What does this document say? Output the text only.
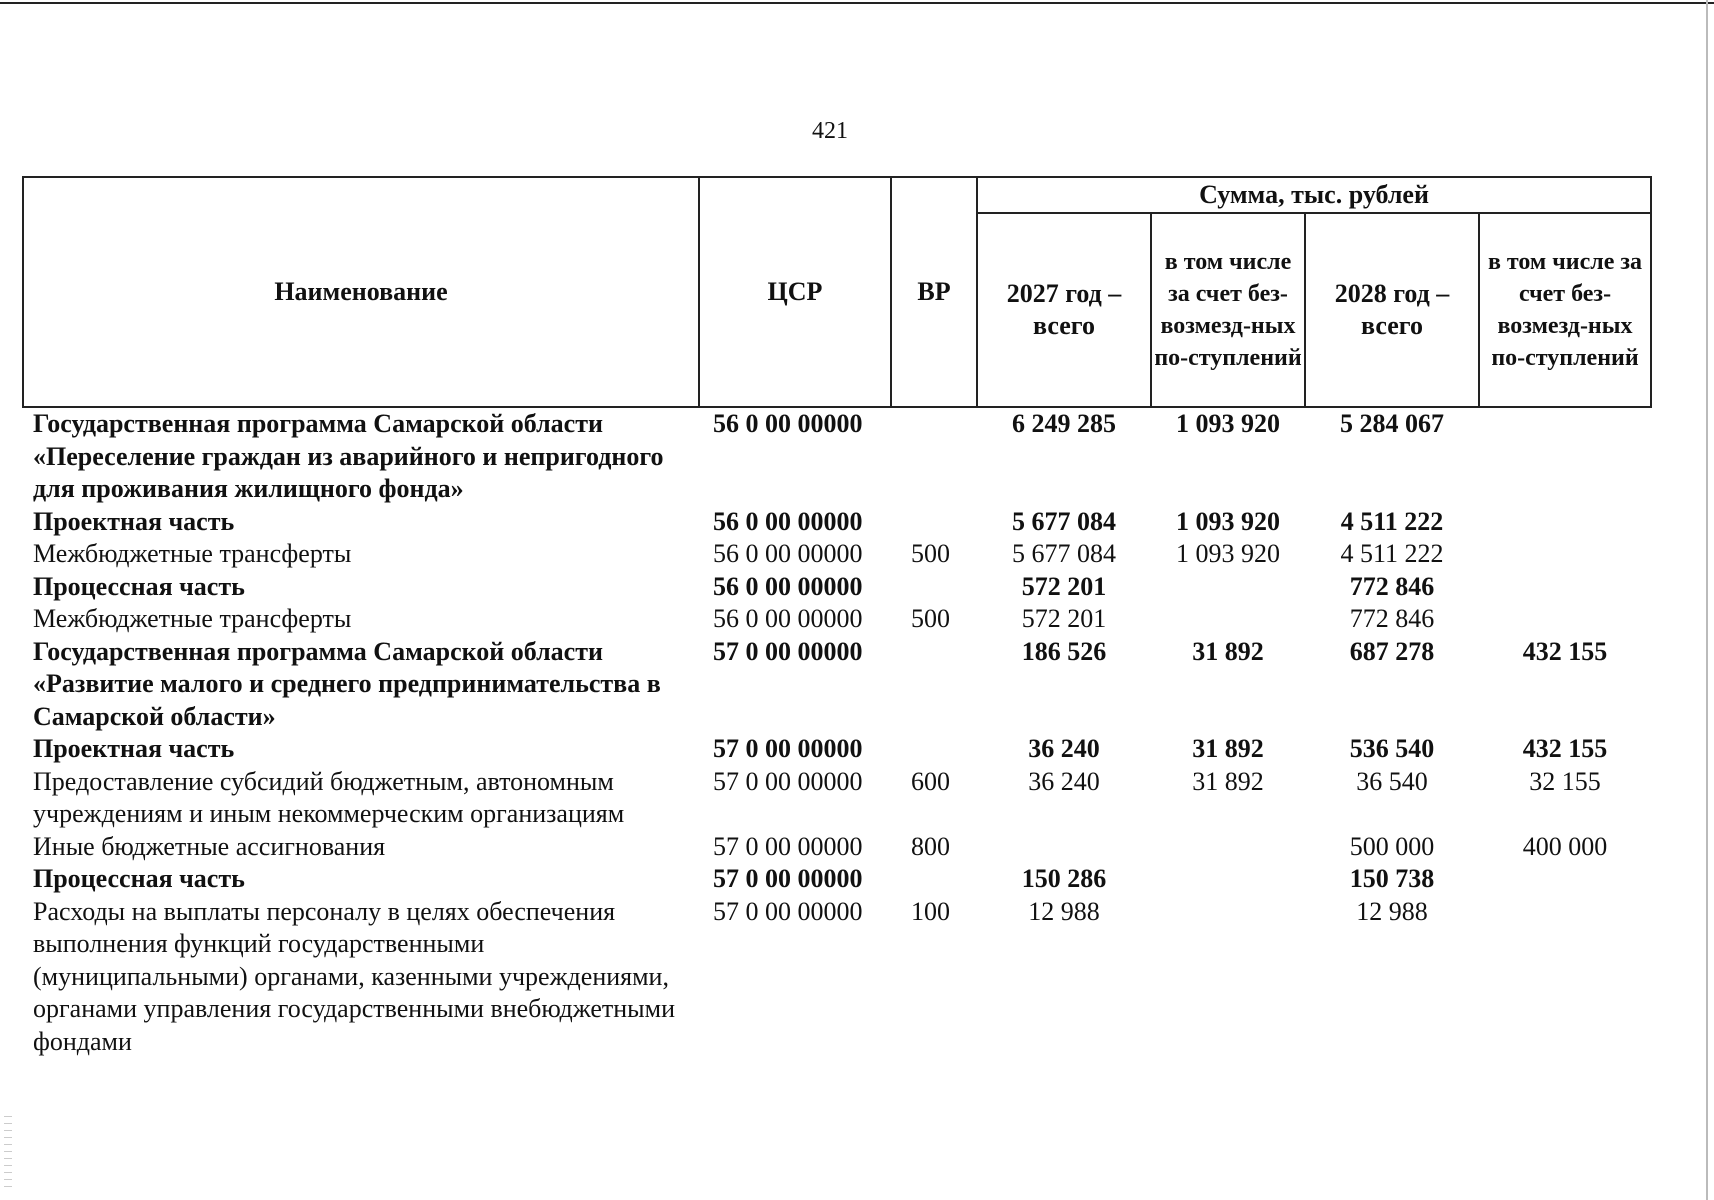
421
Наименование	ЦСР	ВР	Сумма, тыс. рублей			
			2027 год – всего	в том числе за счет без-возмезд-ных по-ступлений	2028 год – всего	в том числе за счет без-возмезд-ных по-ступлений
Государственная программа Самарской области «Переселение граждан из аварийного и непригодного для проживания жилищного фонда»	56 0 00 00000		6 249 285	1 093 920	5 284 067	
Проектная часть	56 0 00 00000		5 677 084	1 093 920	4 511 222	
Межбюджетные трансферты	56 0 00 00000	500	5 677 084	1 093 920	4 511 222	
Процессная часть	56 0 00 00000		572 201		772 846	
Межбюджетные трансферты	56 0 00 00000	500	572 201		772 846	
Государственная программа Самарской области «Развитие малого и среднего предпринимательства в Самарской области»	57 0 00 00000		186 526	31 892	687 278	432 155
Проектная часть	57 0 00 00000		36 240	31 892	536 540	432 155
Предоставление субсидий бюджетным, автономным учреждениям и иным некоммерческим организациям	57 0 00 00000	600	36 240	31 892	36 540	32 155
Иные бюджетные ассигнования	57 0 00 00000	800			500 000	400 000
Процессная часть	57 0 00 00000		150 286		150 738	
Расходы на выплаты персоналу в целях обеспечения выполнения функций государственными (муниципальными) органами, казенными учреждениями, органами управления государственными внебюджетными фондами	57 0 00 00000	100	12 988		12 988	
